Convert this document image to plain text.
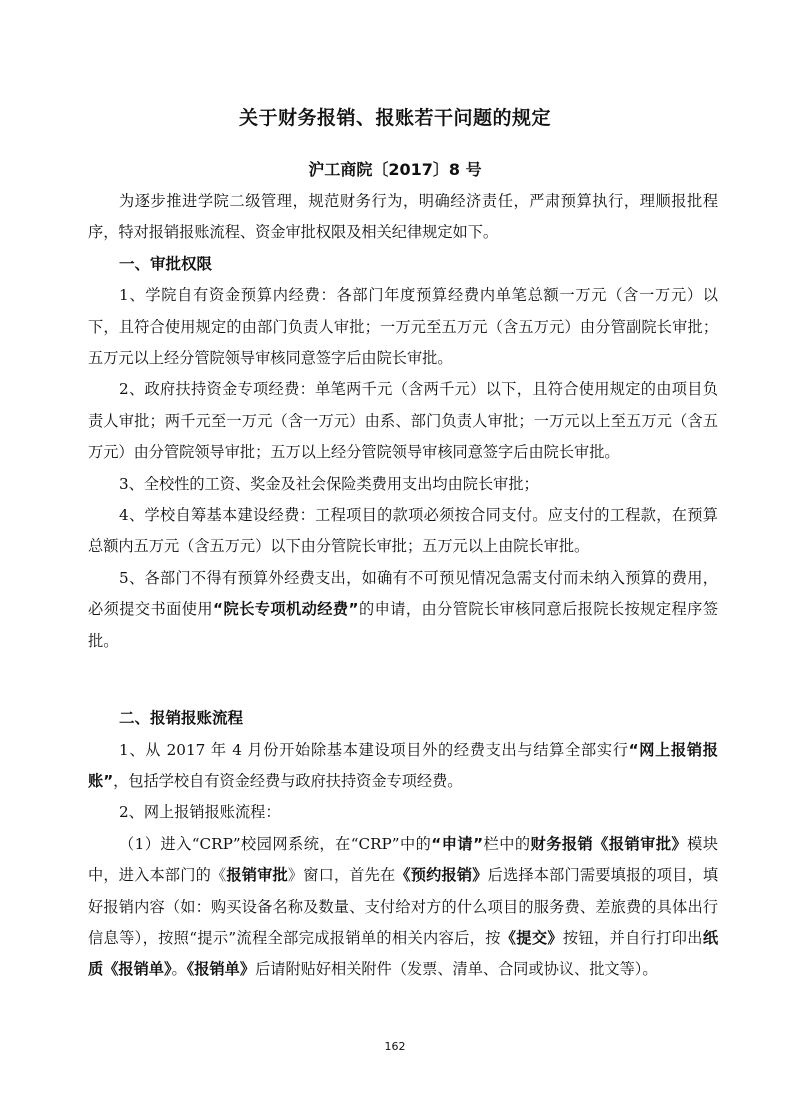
关于财务报销、报账若干问题的规定
沪工商院〔2017〕8 号

为逐步推进学院二级管理，规范财务行为，明确经济责任，严肃预算执行，理顺报批程序，特对报销报账流程、资金审批权限及相关纪律规定如下。

一、审批权限

1、学院自有资金预算内经费：各部门年度预算经费内单笔总额一万元（含一万元）以下，且符合使用规定的由部门负责人审批；一万元至五万元（含五万元）由分管副院长审批；五万元以上经分管院领导审核同意签字后由院长审批。

2、政府扶持资金专项经费：单笔两千元（含两千元）以下，且符合使用规定的由项目负责人审批；两千元至一万元（含一万元）由系、部门负责人审批；一万元以上至五万元（含五万元）由分管院领导审批；五万以上经分管院领导审核同意签字后由院长审批。

3、全校性的工资、奖金及社会保险类费用支出均由院长审批；

4、学校自筹基本建设经费：工程项目的款项必须按合同支付。应支付的工程款，在预算总额内五万元（含五万元）以下由分管院长审批；五万元以上由院长审批。

5、各部门不得有预算外经费支出，如确有不可预见情况急需支付而未纳入预算的费用，必须提交书面使用“院长专项机动经费”的申请，由分管院长审核同意后报院长按规定程序签批。

二、报销报账流程

1、从 2017 年 4 月份开始除基本建设项目外的经费支出与结算全部实行“网上报销报账”，包括学校自有资金经费与政府扶持资金专项经费。

2、网上报销报账流程：

（1）进入“CRP”校园网系统，在“CRP”中的“申请”栏中的财务报销《报销审批》模块中，进入本部门的《报销审批》窗口，首先在《预约报销》后选择本部门需要填报的项目，填好报销内容（如：购买设备名称及数量、支付给对方的什么项目的服务费、差旅费的具体出行信息等），按照“提示”流程全部完成报销单的相关内容后，按《提交》按钮，并自行打印出纸质《报销单》。《报销单》后请附贴好相关附件（发票、清单、合同或协议、批文等）。

162
